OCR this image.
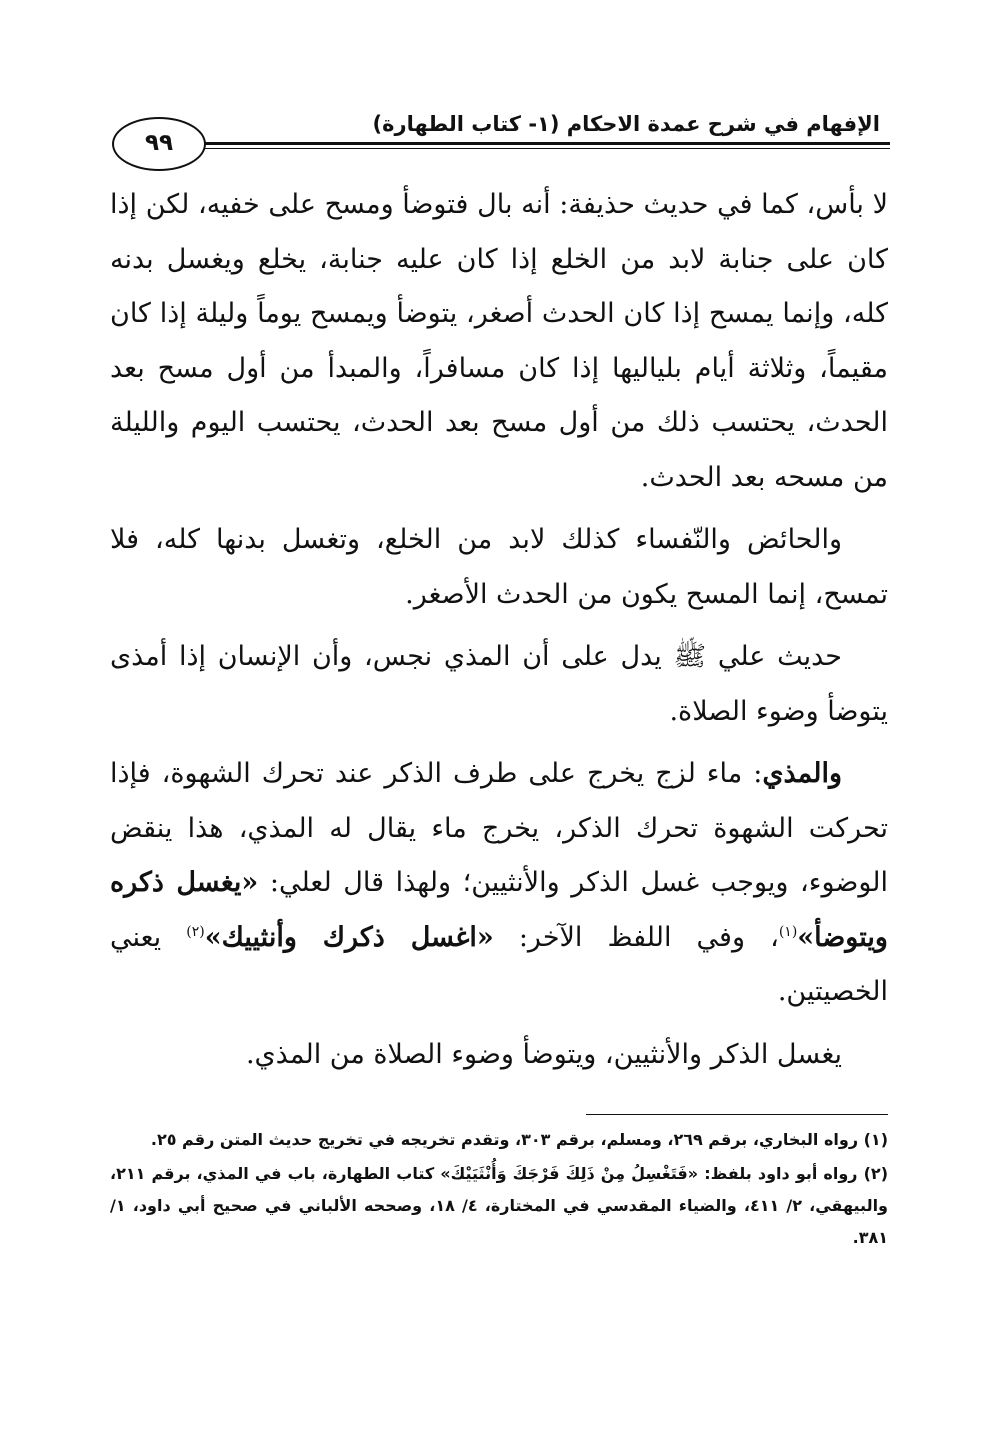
الإفهام في شرح عمدة الاحكام (١- كتاب الطهارة)
٩٩

لا بأس، كما في حديث حذيفة: أنه بال فتوضأ ومسح على خفيه، لكن إذا كان على جنابة لابد من الخلع إذا كان عليه جنابة، يخلع ويغسل بدنه كله، وإنما يمسح إذا كان الحدث أصغر، يتوضأ ويمسح يوماً وليلة إذا كان مقيماً، وثلاثة أيام بلياليها إذا كان مسافراً، والمبدأ من أول مسح بعد الحدث، يحتسب ذلك من أول مسح بعد الحدث، يحتسب اليوم والليلة من مسحه بعد الحدث.

والحائض والنّفساء كذلك لابد من الخلع، وتغسل بدنها كله، فلا تمسح، إنما المسح يكون من الحدث الأصغر.

حديث علي ﷺ يدل على أن المذي نجس، وأن الإنسان إذا أمذى يتوضأ وضوء الصلاة.

والمذي: ماء لزج يخرج على طرف الذكر عند تحرك الشهوة، فإذا تحركت الشهوة تحرك الذكر، يخرج ماء يقال له المذي، هذا ينقض الوضوء، ويوجب غسل الذكر والأنثيين؛ ولهذا قال لعلي: «يغسل ذكره ويتوضأ»$^{(١)}$، وفي اللفظ الآخر: «اغسل ذكرك وأنثييك»$^{(٢)}$ يعني الخصيتين.

يغسل الذكر والأنثيين، ويتوضأ وضوء الصلاة من المذي.

(١) رواه البخاري، برقم ٢٦٩، ومسلم، برقم ٣٠٣، وتقدم تخريجه في تخريج حديث المتن رقم ٢٥.

(٢) رواه أبو داود بلفظ: «فَتَغْسِلُ مِنْ ذَلِكَ فَرْجَكَ وَأُنْثَيَيْكَ» كتاب الطهارة، باب في المذي، برقم ٢١١، والبيهقي، ٢/ ٤١١، والضياء المقدسي في المختارة، ٤/ ١٨، وصححه الألباني في صحيح أبي داود، ١/ ٣٨١.
